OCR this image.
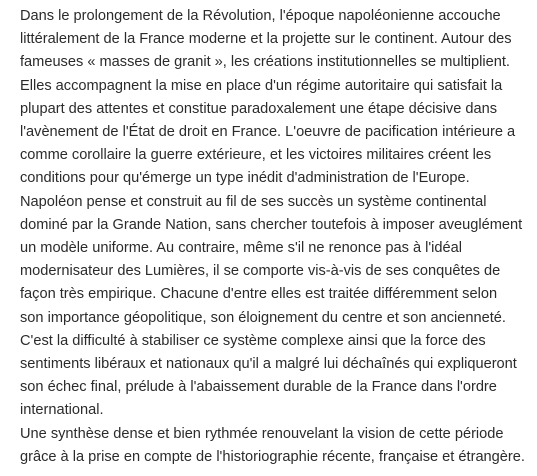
Dans le prolongement de la Révolution, l'époque napoléonienne accouche
littéralement de la France moderne et la projette sur le continent. Autour des
fameuses « masses de granit », les créations institutionnelles se multiplient.
Elles accompagnent la mise en place d'un régime autoritaire qui satisfait la
plupart des attentes et constitue paradoxalement une étape décisive dans
l'avènement de l'État de droit en France. L'oeuvre de pacification intérieure a
comme corollaire la guerre extérieure, et les victoires militaires créent les
conditions pour qu'émerge un type inédit d'administration de l'Europe.
Napoléon pense et construit au fil de ses succès un système continental
dominé par la Grande Nation, sans chercher toutefois à imposer aveuglément
un modèle uniforme. Au contraire, même s'il ne renonce pas à l'idéal
modernisateur des Lumières, il se comporte vis-à-vis de ses conquêtes de
façon très empirique. Chacune d'entre elles est traitée différemment selon
son importance géopolitique, son éloignement du centre et son ancienneté.
C'est la difficulté à stabiliser ce système complexe ainsi que la force des
sentiments libéraux et nationaux qu'il a malgré lui déchaînés qui expliqueront
son échec final, prélude à l'abaissement durable de la France dans l'ordre
international.
Une synthèse dense et bien rythmée renouvelant la vision de cette période
grâce à la prise en compte de l'historiographie récente, française et étrangère.
